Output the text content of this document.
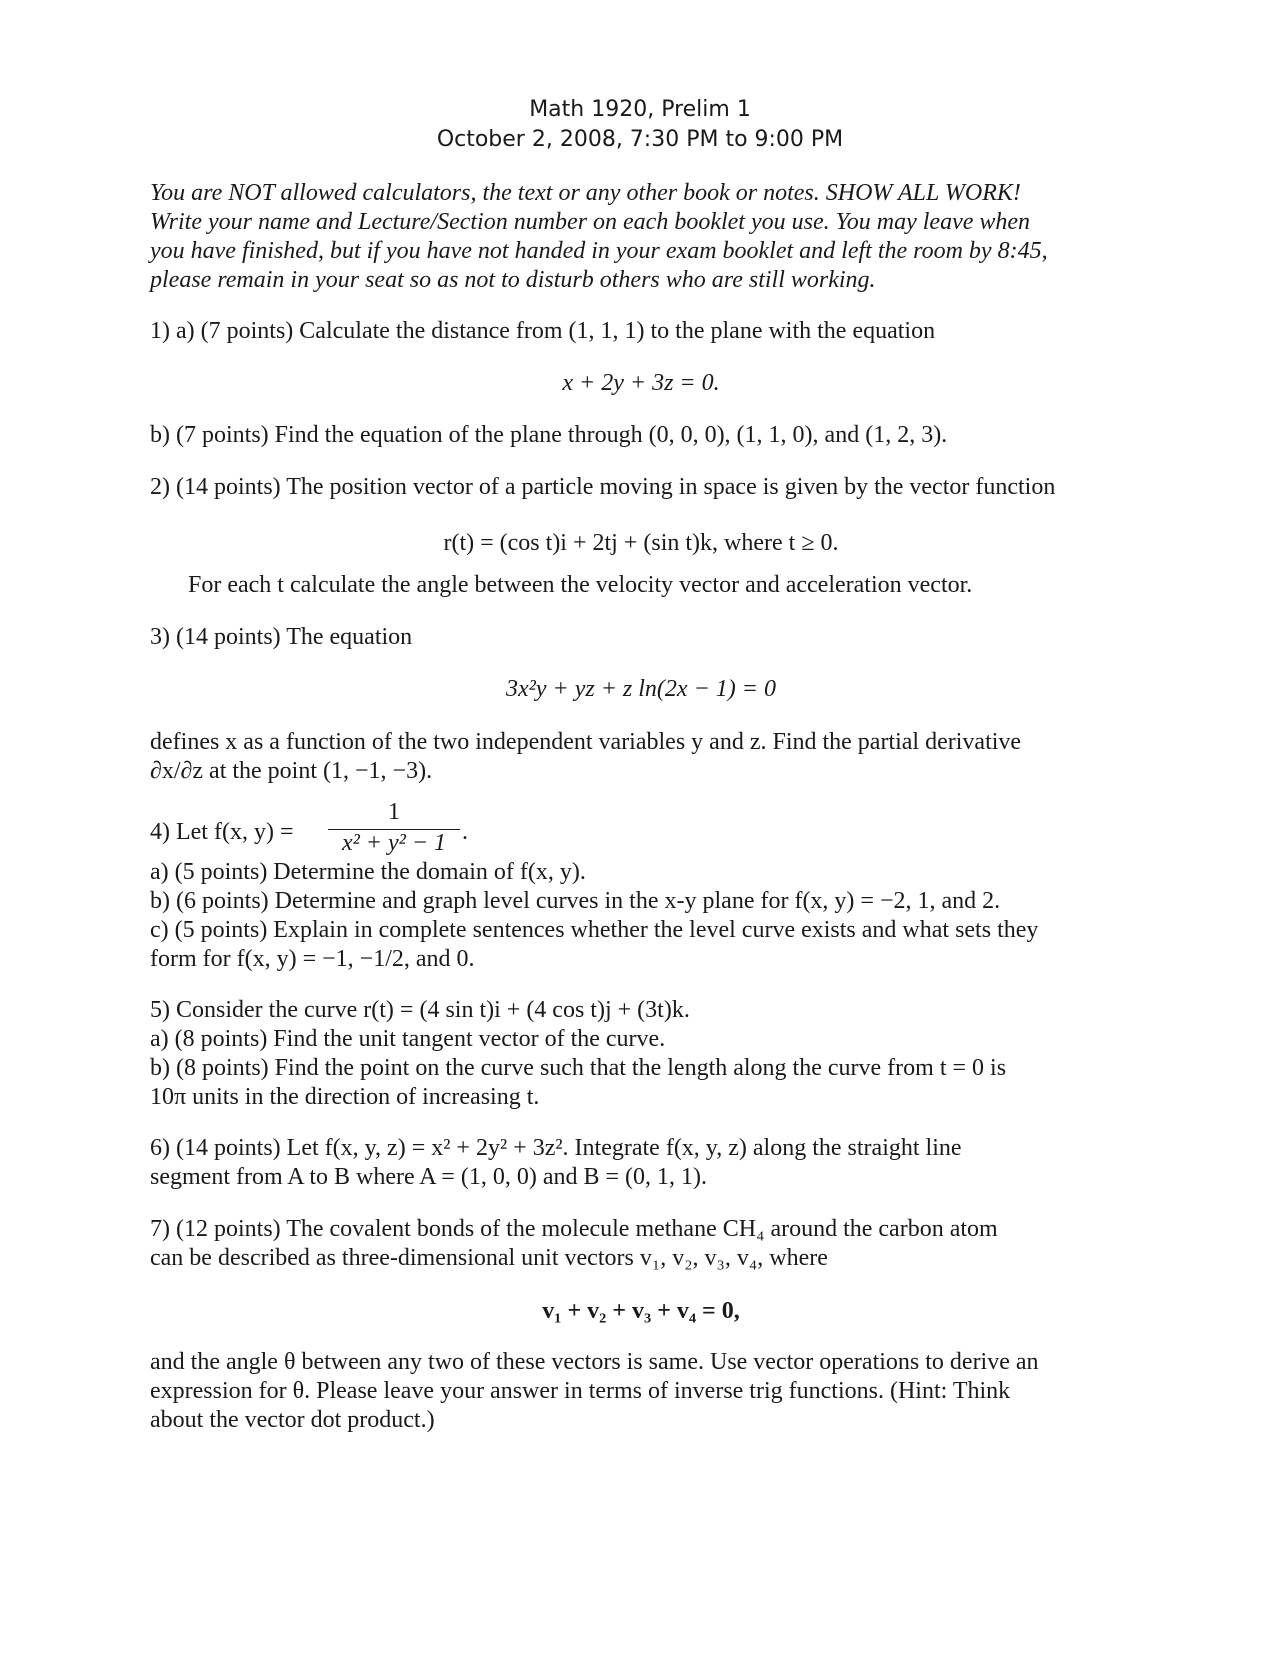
Math 1920, Prelim 1
October 2, 2008, 7:30 PM to 9:00 PM
You are NOT allowed calculators, the text or any other book or notes. SHOW ALL WORK!
Write your name and Lecture/Section number on each booklet you use. You may leave when
you have finished, but if you have not handed in your exam booklet and left the room by 8:45,
please remain in your seat so as not to disturb others who are still working.
1) a) (7 points) Calculate the distance from (1, 1, 1) to the plane with the equation
x + 2y + 3z = 0.
b) (7 points) Find the equation of the plane through (0, 0, 0), (1, 1, 0), and (1, 2, 3).
2) (14 points) The position vector of a particle moving in space is given by the vector function
r(t) = (cos t)i + 2tj + (sin t)k, where t ≥ 0.
For each t calculate the angle between the velocity vector and acceleration vector.
3) (14 points) The equation
3x²y + yz + z ln(2x − 1) = 0
defines x as a function of the two independent variables y and z. Find the partial derivative
∂x/∂z at the point (1, −1, −3).
4) Let f(x, y) =
1
x² + y² − 1 .
a) (5 points) Determine the domain of f(x, y).
b) (6 points) Determine and graph level curves in the x-y plane for f(x, y) = −2, 1, and 2.
c) (5 points) Explain in complete sentences whether the level curve exists and what sets they
form for f(x, y) = −1, −1/2, and 0.
5) Consider the curve r(t) = (4 sin t)i + (4 cos t)j + (3t)k.
a) (8 points) Find the unit tangent vector of the curve.
b) (8 points) Find the point on the curve such that the length along the curve from t = 0 is
10π units in the direction of increasing t.
6) (14 points) Let f(x, y, z) = x² + 2y² + 3z². Integrate f(x, y, z) along the straight line
segment from A to B where A = (1, 0, 0) and B = (0, 1, 1).
7) (12 points) The covalent bonds of the molecule methane CH₄ around the carbon atom
can be described as three-dimensional unit vectors v₁, v₂, v₃, v₄, where
v₁ + v₂ + v₃ + v₄ = 0,
and the angle θ between any two of these vectors is same. Use vector operations to derive an
expression for θ. Please leave your answer in terms of inverse trig functions. (Hint: Think
about the vector dot product.)
